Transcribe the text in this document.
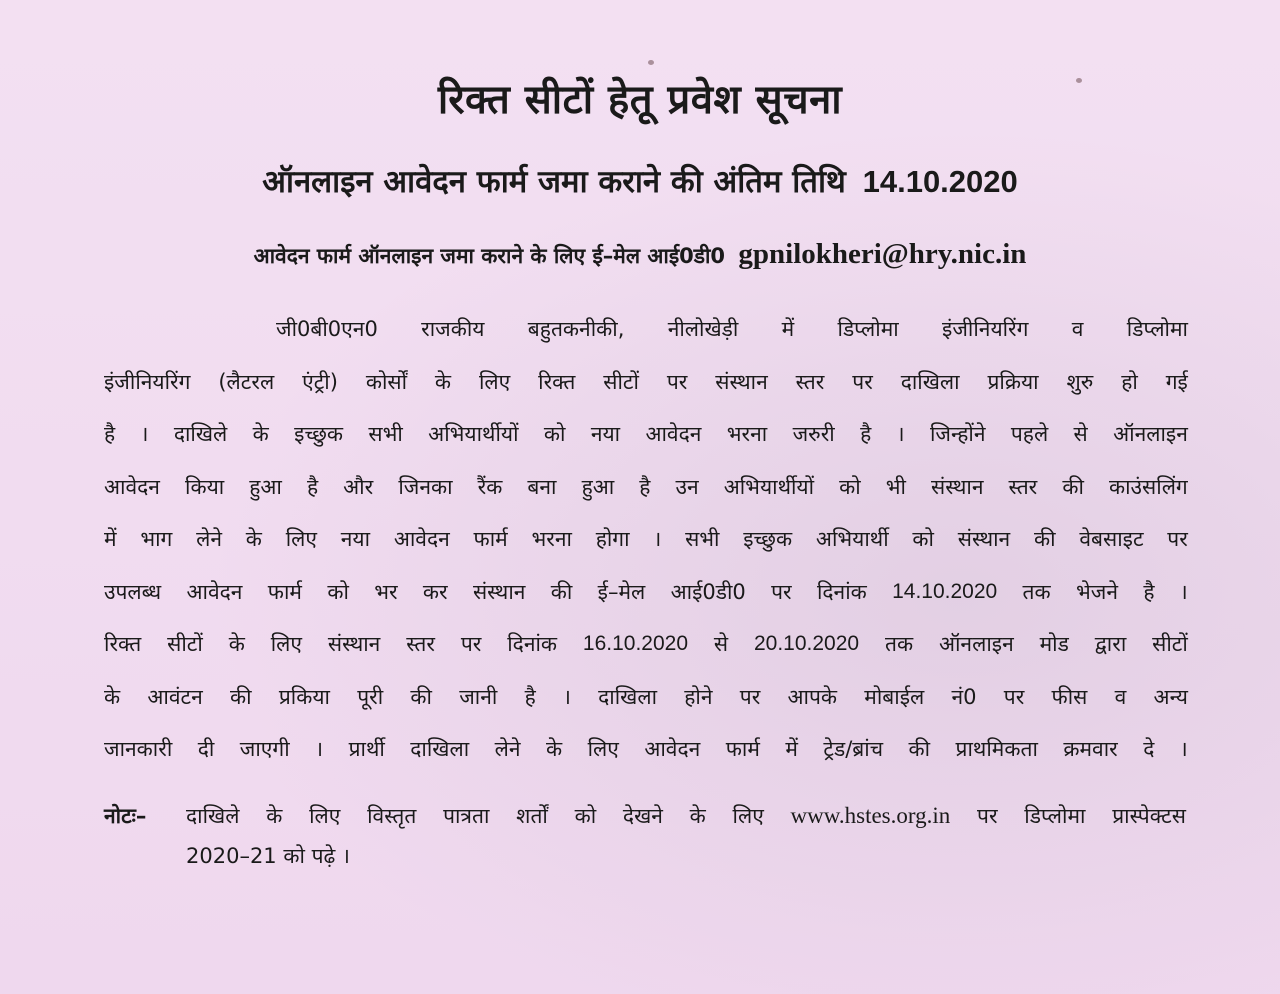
रिक्त सीटों हेतू प्रवेश सूचना
ऑनलाइन आवेदन फार्म जमा कराने की अंतिम तिथि 14.10.2020
आवेदन फार्म ऑनलाइन जमा कराने के लिए ई–मेल आई0डी0 gpnilokheri@hry.nic.in
जी0बी0एन0 राजकीय बहुतकनीकी, नीलोखेड़ी में डिप्लोमा इंजीनियरिंग व डिप्लोमा
इंजीनियरिंग (लैटरल एंट्री) कोर्सों के लिए रिक्त सीटों पर संस्थान स्तर पर दाखिला प्रक्रिया शुरु हो गई
है । दाखिले के इच्छुक सभी अभियार्थीयों को नया आवेदन भरना जरुरी है । जिन्होंने पहले से ऑनलाइन
आवेदन किया हुआ है और जिनका रैंक बना हुआ है उन अभियार्थीयों को भी संस्थान स्तर की काउंसलिंग
में भाग लेने के लिए नया आवेदन फार्म भरना होगा । सभी इच्छुक अभियार्थी को संस्थान की वेबसाइट पर
उपलब्ध आवेदन फार्म को भर कर संस्थान की ई–मेल आई0डी0 पर दिनांक 14.10.2020 तक भेजने है ।
रिक्त सीटों के लिए संस्थान स्तर पर दिनांक 16.10.2020 से 20.10.2020 तक ऑनलाइन मोड द्वारा सीटों
के आवंटन की प्रकिया पूरी की जानी है । दाखिला होने पर आपके मोबाईल नं0 पर फीस व अन्य
जानकारी दी जाएगी । प्रार्थी दाखिला लेने के लिए आवेदन फार्म में ट्रेड/ब्रांच की प्राथमिकता क्रमवार दे ।
नोटः– दाखिले के लिए विस्तृत पात्रता शर्तों को देखने के लिए www.hstes.org.in पर डिप्लोमा प्रास्पेक्टस
2020–21 को पढ़े ।
